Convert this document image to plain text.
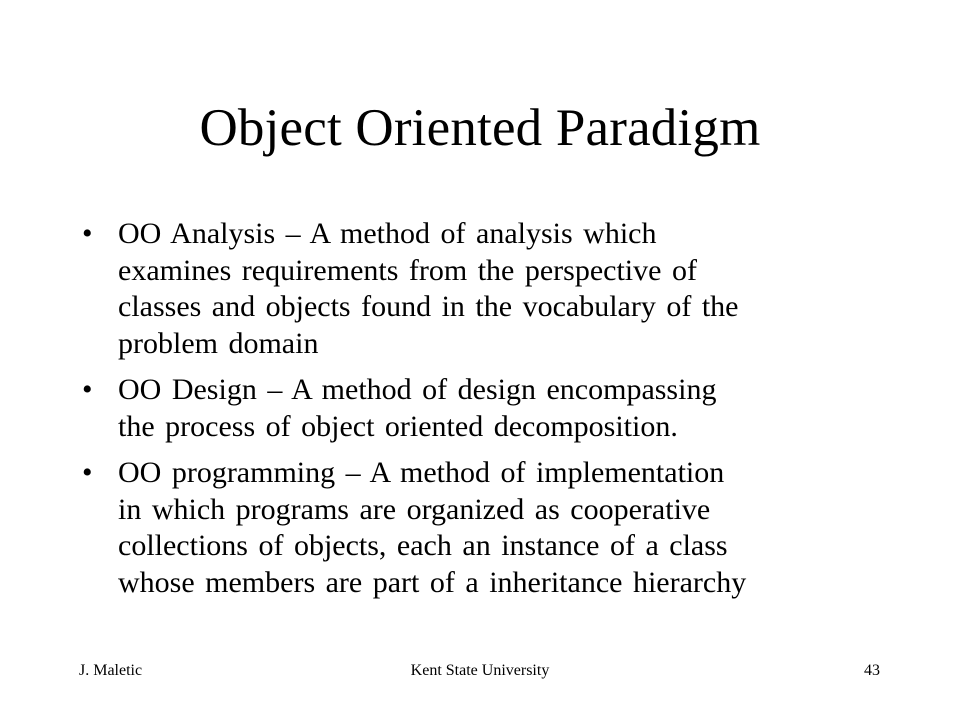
Object Oriented Paradigm
• OO Analysis – A method of analysis which
examines requirements from the perspective of
classes and objects found in the vocabulary of the
problem domain
• OO Design – A method of design encompassing
the process of object oriented decomposition.
• OO programming – A method of implementation
in which programs are organized as cooperative
collections of objects, each an instance of a class
whose members are part of a inheritance hierarchy
J. Maletic	Kent State University	43
